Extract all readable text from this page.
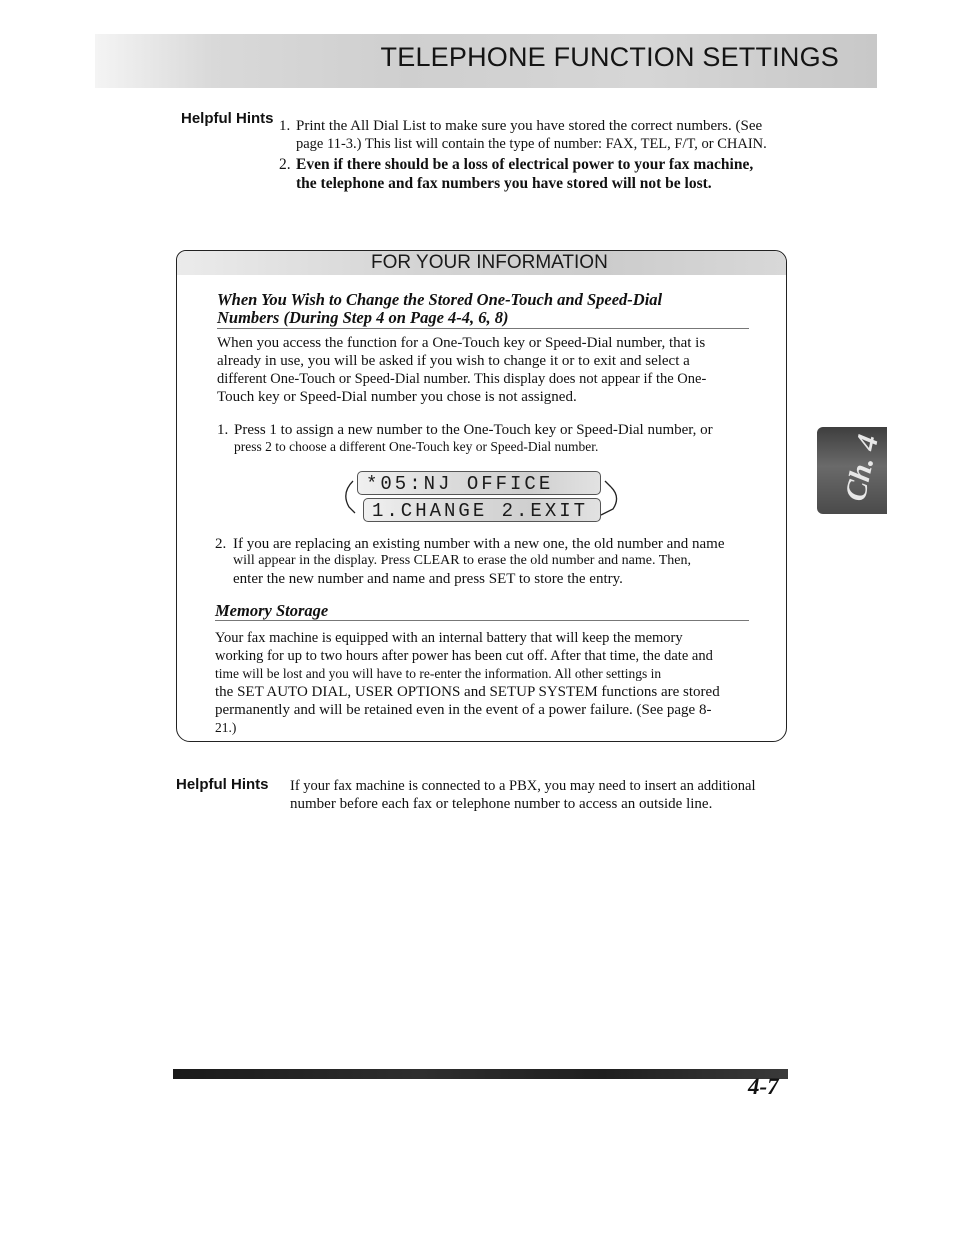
TELEPHONE FUNCTION SETTINGS
Helpful Hints 1. Print the All Dial List to make sure you have stored the correct numbers. (See
page 11-3.) This list will contain the type of number: FAX, TEL, F/T, or CHAIN.
2. Even if there should be a loss of electrical power to your fax machine,
the telephone and fax numbers you have stored will not be lost.
FOR YOUR INFORMATION
When You Wish to Change the Stored One-Touch and Speed-Dial
Numbers (During Step 4 on Page 4-4, 6, 8)
When you access the function for a One-Touch key or Speed-Dial number, that is
already in use, you will be asked if you wish to change it or to exit and select a
different One-Touch or Speed-Dial number. This display does not appear if the One-
Touch key or Speed-Dial number you chose is not assigned.
1. Press 1 to assign a new number to the One-Touch key or Speed-Dial number, or
press 2 to choose a different One-Touch key or Speed-Dial number.
*05:NJ OFFICE
1.CHANGE 2.EXIT
2. If you are replacing an existing number with a new one, the old number and name
will appear in the display. Press CLEAR to erase the old number and name. Then,
enter the new number and name and press SET to store the entry.
Memory Storage
Your fax machine is equipped with an internal battery that will keep the memory
working for up to two hours after power has been cut off. After that time, the date and
time will be lost and you will have to re-enter the information. All other settings in
the SET AUTO DIAL, USER OPTIONS and SETUP SYSTEM functions are stored
permanently and will be retained even in the event of a power failure. (See page 8-
21.)
Ch. 4
Helpful Hints If your fax machine is connected to a PBX, you may need to insert an additional
number before each fax or telephone number to access an outside line.
4-7
